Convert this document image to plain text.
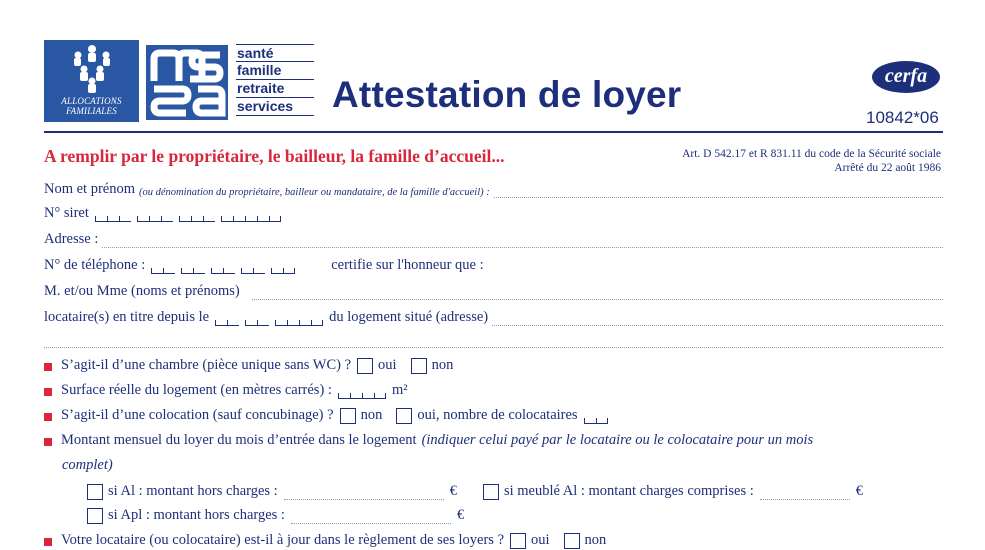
ALLOCATIONS
FAMILIALES
santé
famille
retraite
services	Attestation de loyer	cerfa
10842*06
A remplir par le propriétaire, le bailleur, la famille d’accueil...	Art. D 542.17 et R 831.11 du code de la Sécurité sociale
Arrêté du 22 août 1986
Nom et prénom (ou dénomination du propriétaire, bailleur ou mandataire, de la famille d'accueil) :
N° siret
Adresse :
N° de téléphone :	certifie sur l'honneur que :
M. et/ou Mme (noms et prénoms)
locataire(s) en titre depuis le	du logement situé (adresse)
S’agit-il d’une chambre (pièce unique sans WC) ? oui non
Surface réelle du logement (en mètres carrés) :	m²
S’agit-il d’une colocation (sauf concubinage) ? non oui, nombre de colocataires
Montant mensuel du loyer du mois d’entrée dans le logement (indiquer celui payé par le locataire ou le colocataire pour un mois
complet)
si Al : montant hors charges :	€	si meublé Al : montant charges comprises :	€
si Apl : montant hors charges :	€
Votre locataire (ou colocataire) est-il à jour dans le règlement de ses loyers ? oui non
